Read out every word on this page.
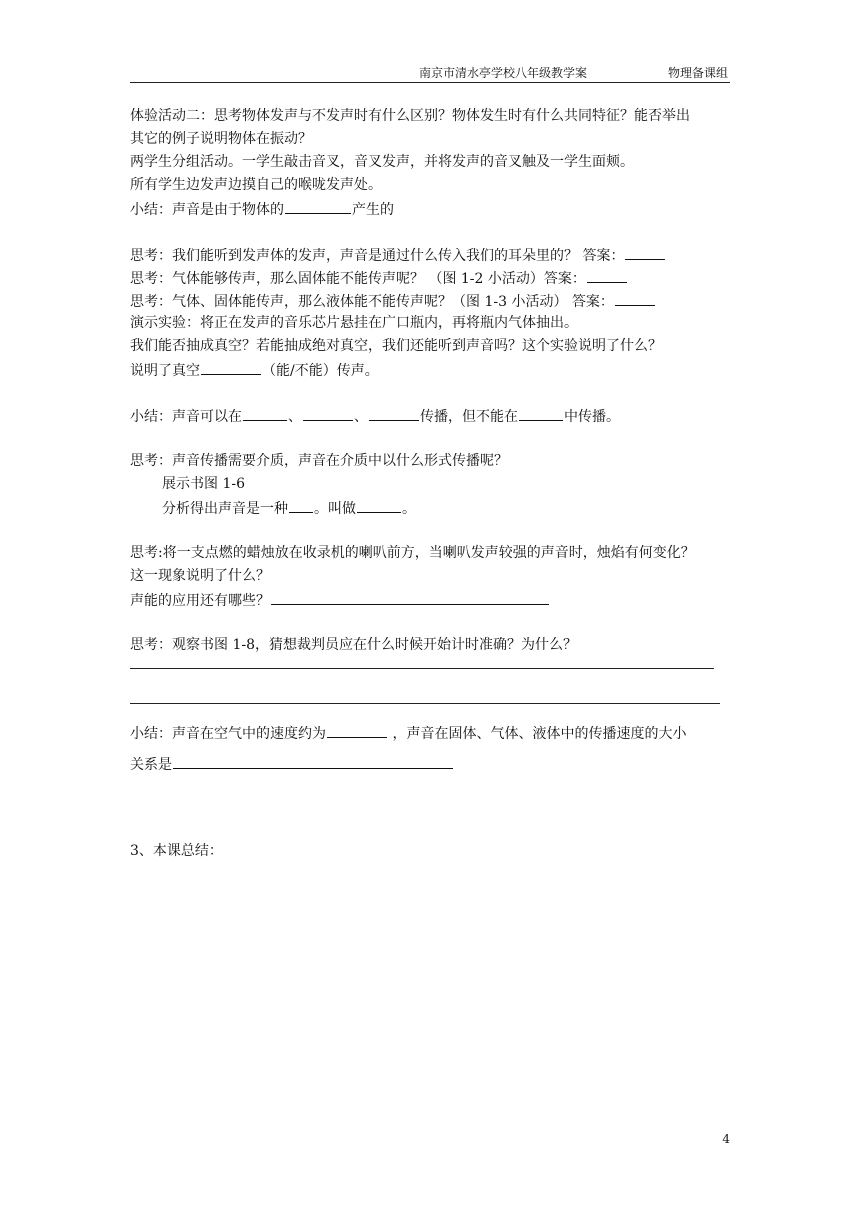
南京市清水亭学校八年级教学案	物理备课组
体验活动二：思考物体发声与不发声时有什么区别？物体发生时有什么共同特征？能否举出
其它的例子说明物体在振动？
两学生分组活动。一学生敲击音叉，音叉发声，并将发声的音叉触及一学生面颊。
所有学生边发声边摸自己的喉咙发声处。
小结：声音是由于物体的	产生的
思考：我们能听到发声体的发声，声音是通过什么传入我们的耳朵里的？ 答案：
思考：气体能够传声，那么固体能不能传声呢？ （图 1-2 小活动）答案：
思考：气体、固体能传声，那么液体能不能传声呢？（图 1-3 小活动） 答案：
演示实验：将正在发声的音乐芯片悬挂在广口瓶内，再将瓶内气体抽出。
我们能否抽成真空？若能抽成绝对真空，我们还能听到声音吗？这个实验说明了什么？
说明了真空	（能/不能）传声。
小结：声音可以在	、	、	传播，但不能在	中传播。
思考：声音传播需要介质，声音在介质中以什么形式传播呢？
展示书图 1-6
分析得出声音是一种 。叫做	。
思考:将一支点燃的蜡烛放在收录机的喇叭前方，当喇叭发声较强的声音时，烛焰有何变化？
这一现象说明了什么？
声能的应用还有哪些？
思考：观察书图 1-8，猜想裁判员应在什么时候开始计时准确？为什么？
小结：声音在空气中的速度约为	，声音在固体、气体、液体中的传播速度的大小
关系是
3、本课总结：
4
